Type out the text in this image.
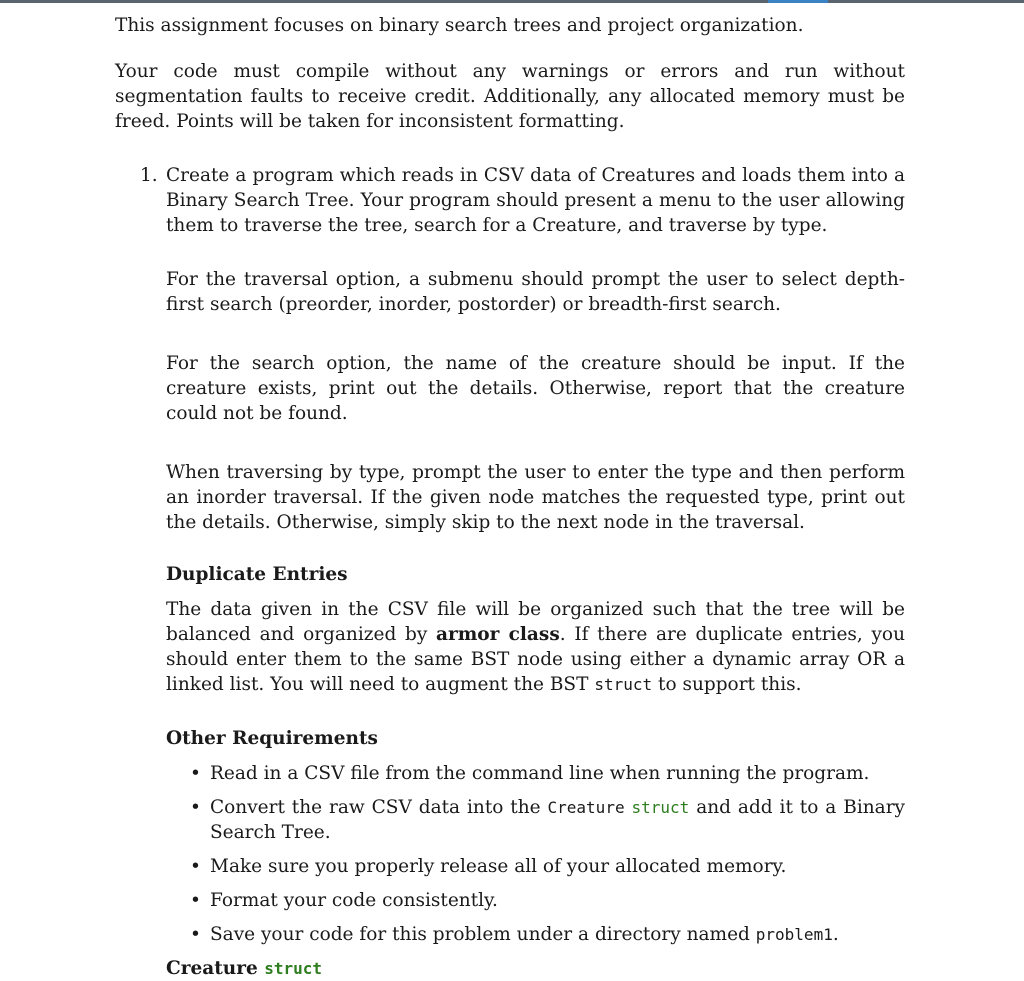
This assignment focuses on binary search trees and project organization.

Your code must compile without any warnings or errors and run without segmentation faults to receive credit. Additionally, any allocated memory must be freed. Points will be taken for inconsistent formatting.

1. Create a program which reads in CSV data of Creatures and loads them into a Binary Search Tree. Your program should present a menu to the user allowing them to traverse the tree, search for a Creature, and traverse by type.

For the traversal option, a submenu should prompt the user to select depth-first search (preorder, inorder, postorder) or breadth-first search.

For the search option, the name of the creature should be input. If the creature exists, print out the details. Otherwise, report that the creature could not be found.

When traversing by type, prompt the user to enter the type and then perform an inorder traversal. If the given node matches the requested type, print out the details. Otherwise, simply skip to the next node in the traversal.

Duplicate Entries

The data given in the CSV file will be organized such that the tree will be balanced and organized by armor class. If there are duplicate entries, you should enter them to the same BST node using either a dynamic array OR a linked list. You will need to augment the BST struct to support this.

Other Requirements
• Read in a CSV file from the command line when running the program.
• Convert the raw CSV data into the Creature struct and add it to a Binary Search Tree.
• Make sure you properly release all of your allocated memory.
• Format your code consistently.
• Save your code for this problem under a directory named problem1.

Creature struct
